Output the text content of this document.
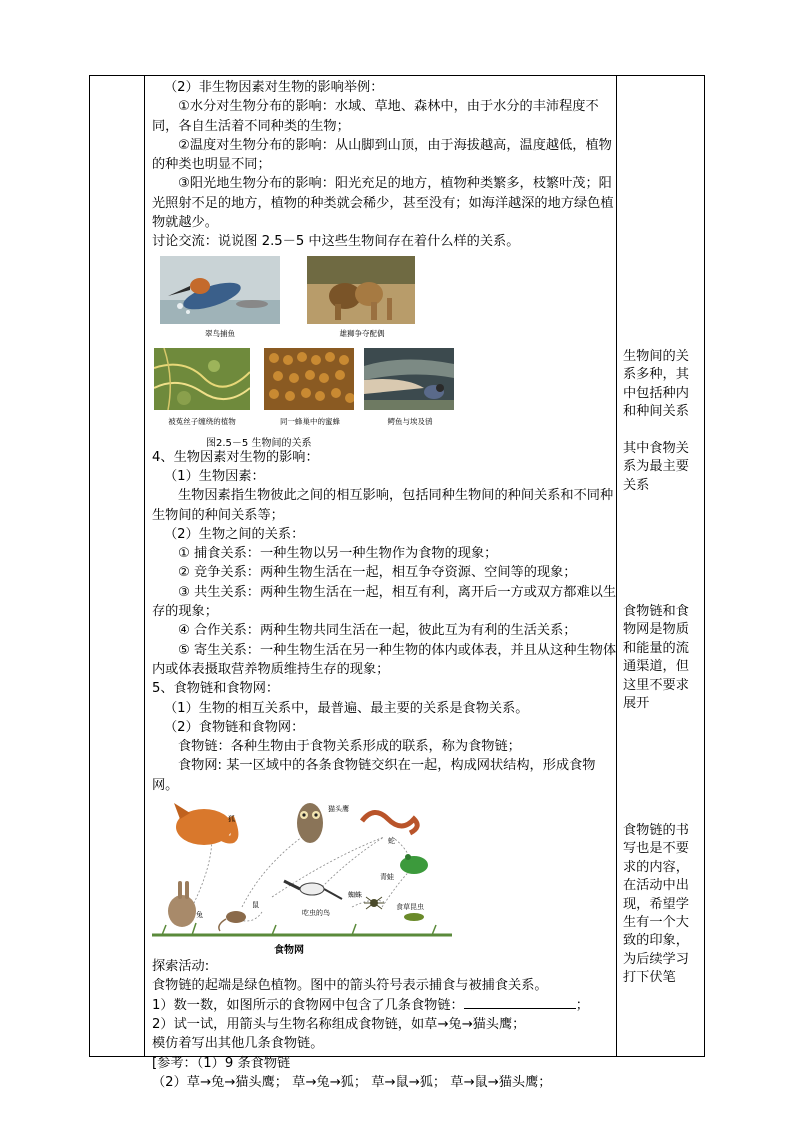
（2）非生物因素对生物的影响举例：

①水分对生物分布的影响：水域、草地、森林中，由于水分的丰沛程度不同，各自生活着不同种类的生物；

②温度对生物分布的影响：从山脚到山顶，由于海拔越高，温度越低，植物的种类也明显不同；

③阳光地生物分布的影响：阳光充足的地方，植物种类繁多，枝繁叶茂；阳光照射不足的地方，植物的种类就会稀少，甚至没有；如海洋越深的地方绿色植物就越少。

讨论交流：说说图 2.5－5 中这些生物间存在着什么样的关系。

翠鸟捕鱼	雄狮争夺配偶
被菟丝子缠绕的植物	同一蜂巢中的蜜蜂	鳄鱼与埃及鸻
图2.5－5 生物间的关系

4、生物因素对生物的影响：

（1）生物因素：

生物因素指生物彼此之间的相互影响，包括同种生物间的种间关系和不同种生物间的种间关系等；

（2）生物之间的关系：

① 捕食关系：一种生物以另一种生物作为食物的现象；

② 竞争关系：两种生物生活在一起，相互争夺资源、空间等的现象；

③ 共生关系：两种生物生活在一起，相互有利，离开后一方或双方都难以生存的现象；

④ 合作关系：两种生物共同生活在一起，彼此互为有利的生活关系；

⑤ 寄生关系：一种生物生活在另一种生物的体内或体表，并且从这种生物体内或体表摄取营养物质维持生存的现象；

5、食物链和食物网：

（1）生物的相互关系中，最普遍、最主要的关系是食物关系。

（2）食物链和食物网：

食物链：各种生物由于食物关系形成的联系，称为食物链；

食物网: 某一区域中的各条食物链交织在一起，构成网状结构，形成食物网。

狐
猫头鹰
蛇
青蛙
兔
鼠
吃虫的鸟
蜘蛛
食草昆虫
食物网

探索活动:

食物链的起端是绿色植物。图中的箭头符号表示捕食与被捕食关系。

1）数一数，如图所示的食物网中包含了几条食物链：	；

2）试一试，用箭头与生物名称组成食物链，如草→兔→猫头鹰；

模仿着写出其他几条食物链。

[参考：（1）9 条食物链

（2）草→兔→猫头鹰； 草→兔→狐； 草→鼠→狐； 草→鼠→猫头鹰；

生物间的关系多种，其中包括种内和种间关系
其中食物关系为最主要关系
食物链和食物网是物质和能量的流通渠道，但这里不要求展开
食物链的书写也是不要求的内容，在活动中出现，希望学生有一个大致的印象，为后续学习打下伏笔
